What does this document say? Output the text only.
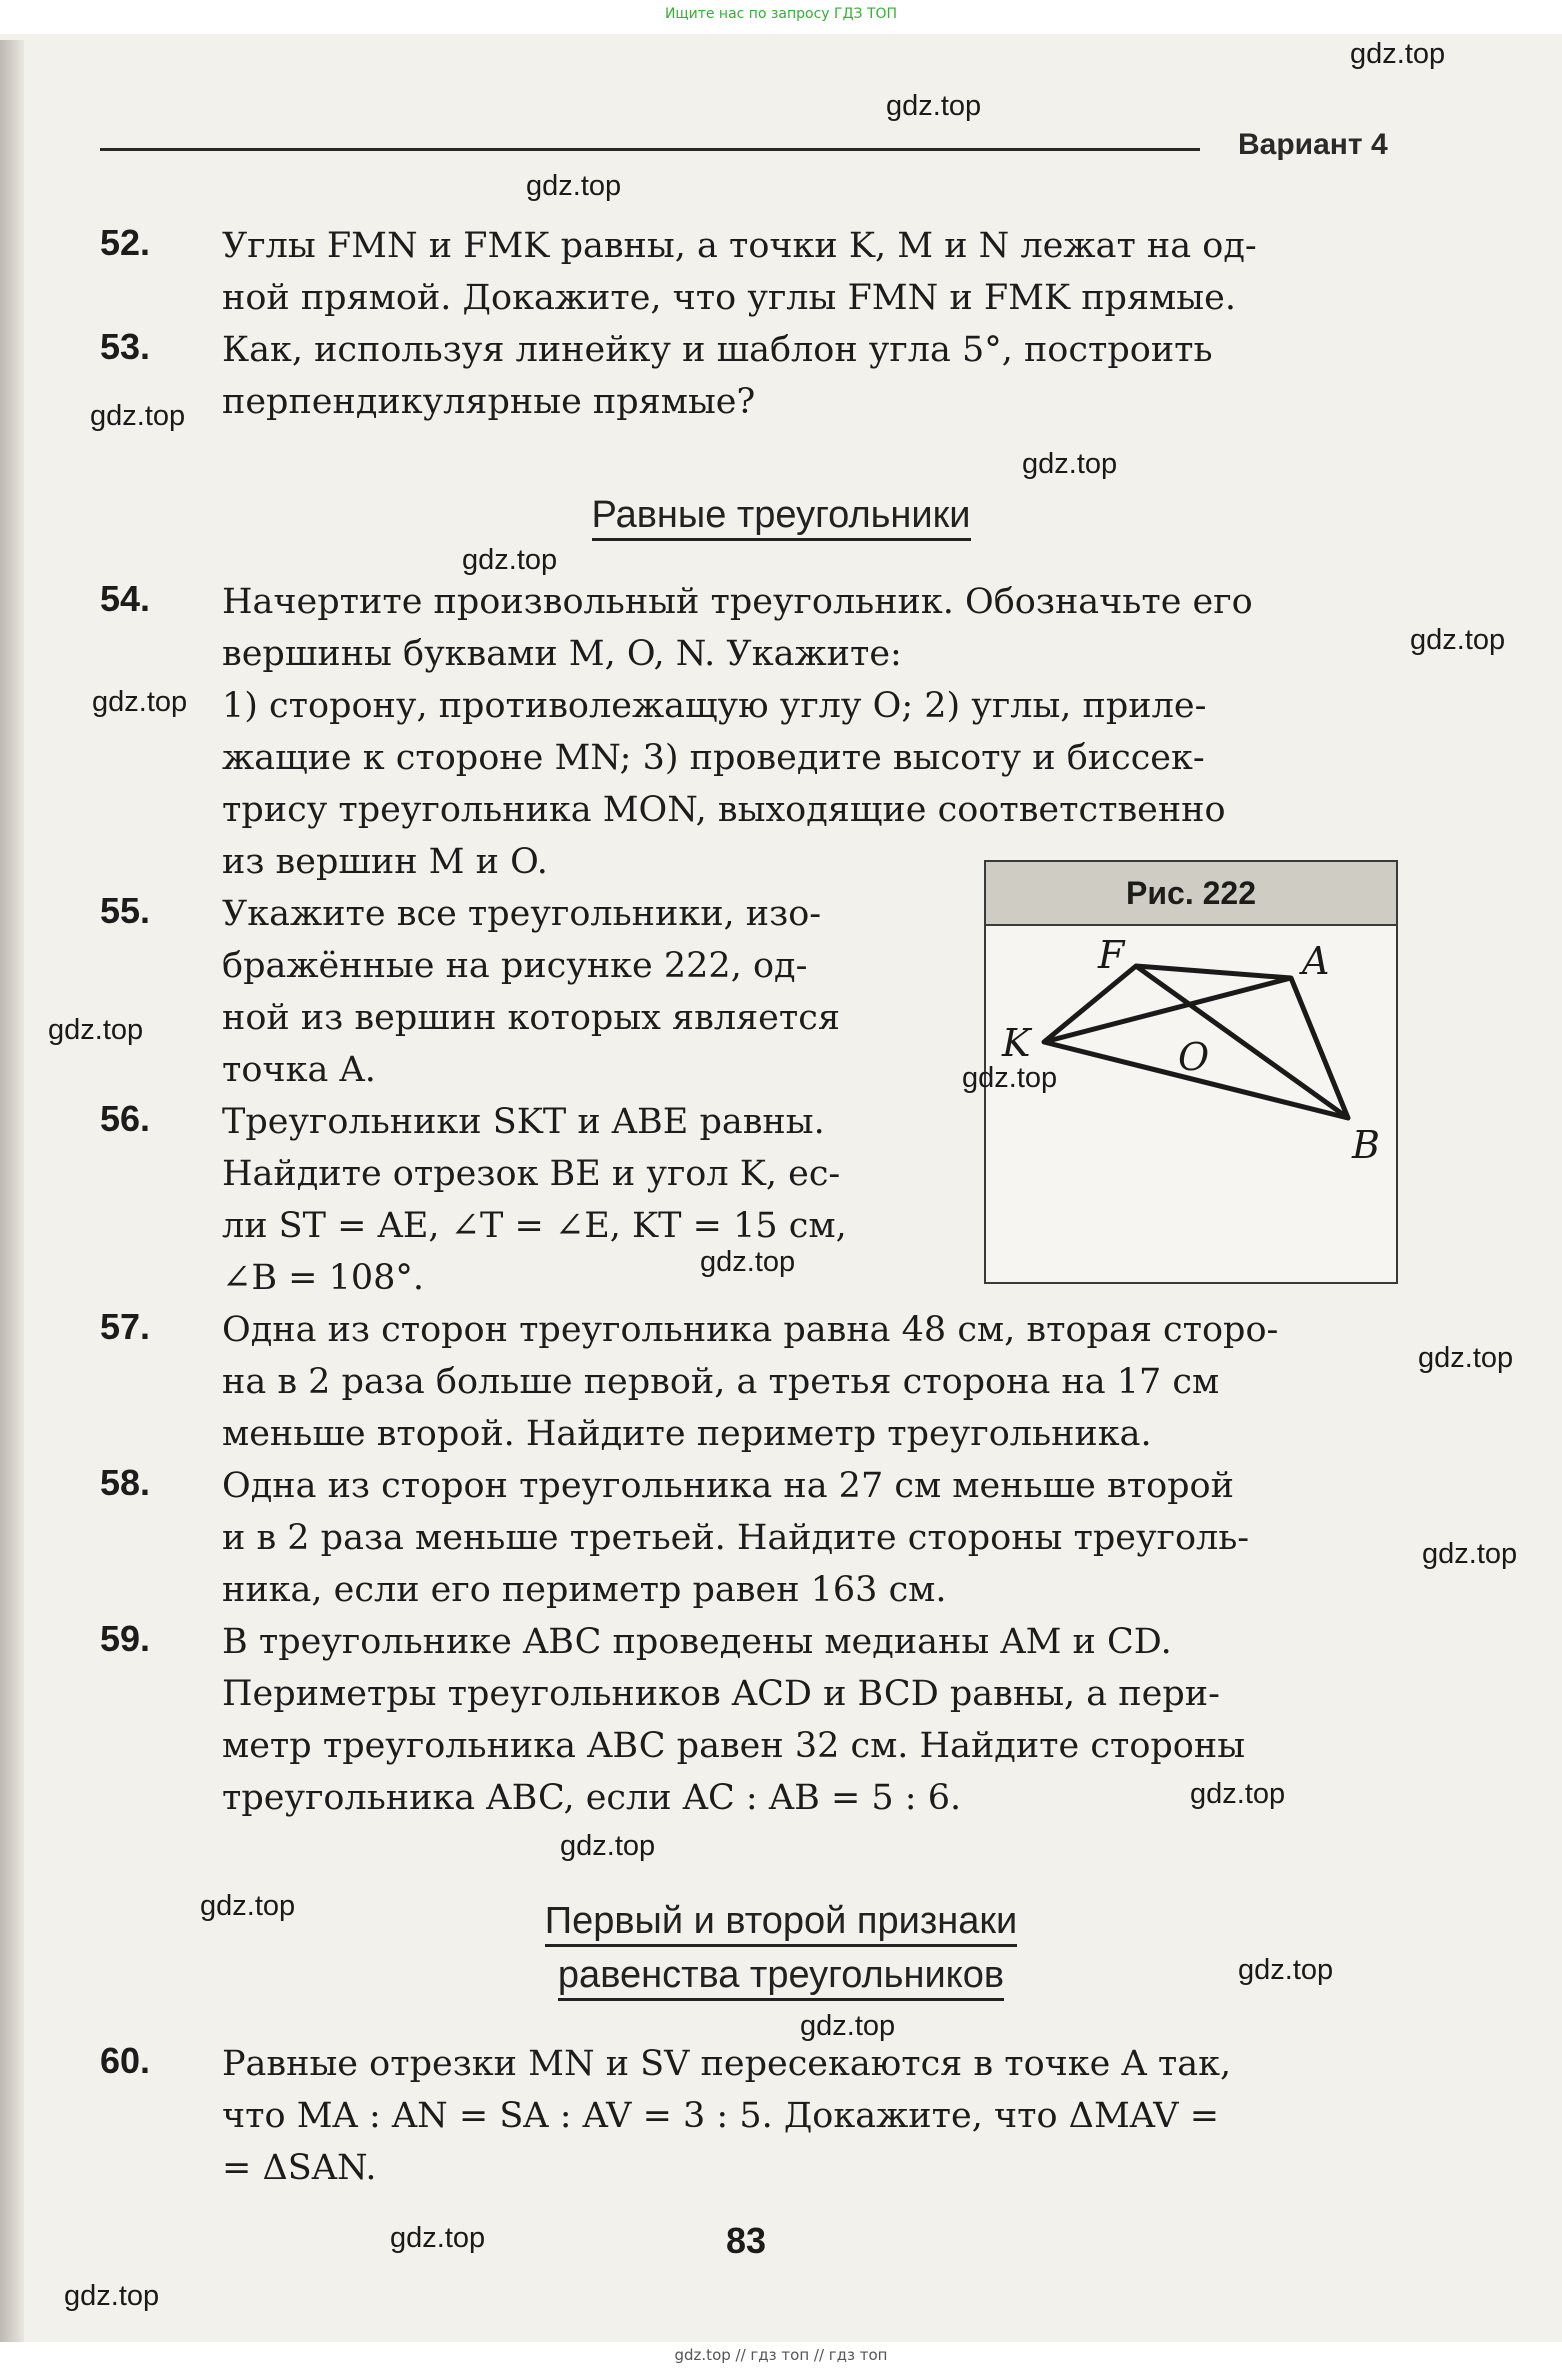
Ищите нас по запросу ГДЗ ТОП
Вариант 4
52. Углы FMN и FMK равны, а точки K, M и N лежат на од-
ной прямой. Докажите, что углы FMN и FMK прямые.
53. Как, используя линейку и шаблон угла 5°, построить
перпендикулярные прямые?
Равные треугольники
54. Начертите произвольный треугольник. Обозначьте его
вершины буквами M, O, N. Укажите:
1) сторону, противолежащую углу O; 2) углы, приле-
жащие к стороне MN; 3) проведите высоту и биссек-
трису треугольника MON, выходящие соответственно
из вершин M и O.
55. Укажите все треугольники, изо-
бражённые на рисунке 222, од-
ной из вершин которых является
точка A.
56. Треугольники SKT и ABE равны.
Найдите отрезок BE и угол K, ес-
ли ST = AE, ∠T = ∠E, KT = 15 см,
∠B = 108°.
Рис. 222
F	A
O
K
B
57. Одна из сторон треугольника равна 48 см, вторая сторо-
на в 2 раза больше первой, а третья сторона на 17 см
меньше второй. Найдите периметр треугольника.
58. Одна из сторон треугольника на 27 см меньше второй
и в 2 раза меньше третьей. Найдите стороны треуголь-
ника, если его периметр равен 163 см.
59. В треугольнике ABC проведены медианы AM и CD.
Периметры треугольников ACD и BCD равны, а пери-
метр треугольника ABC равен 32 см. Найдите стороны
треугольника ABC, если AC : AB = 5 : 6.
Первый и второй признаки
равенства треугольников
60. Равные отрезки MN и SV пересекаются в точке A так,
что MA : AN = SA : AV = 3 : 5. Докажите, что ΔMAV =
= ΔSAN.
83
gdz.top
gdz.top
gdz.top
gdz.top
gdz.top
gdz.top
gdz.top
gdz.top
gdz.top
gdz.top
gdz.top
gdz.top
gdz.top
gdz.top
gdz.top
gdz.top
gdz.top
gdz.top
gdz.top
gdz.top
gdz.top // гдз топ // гдз топ
